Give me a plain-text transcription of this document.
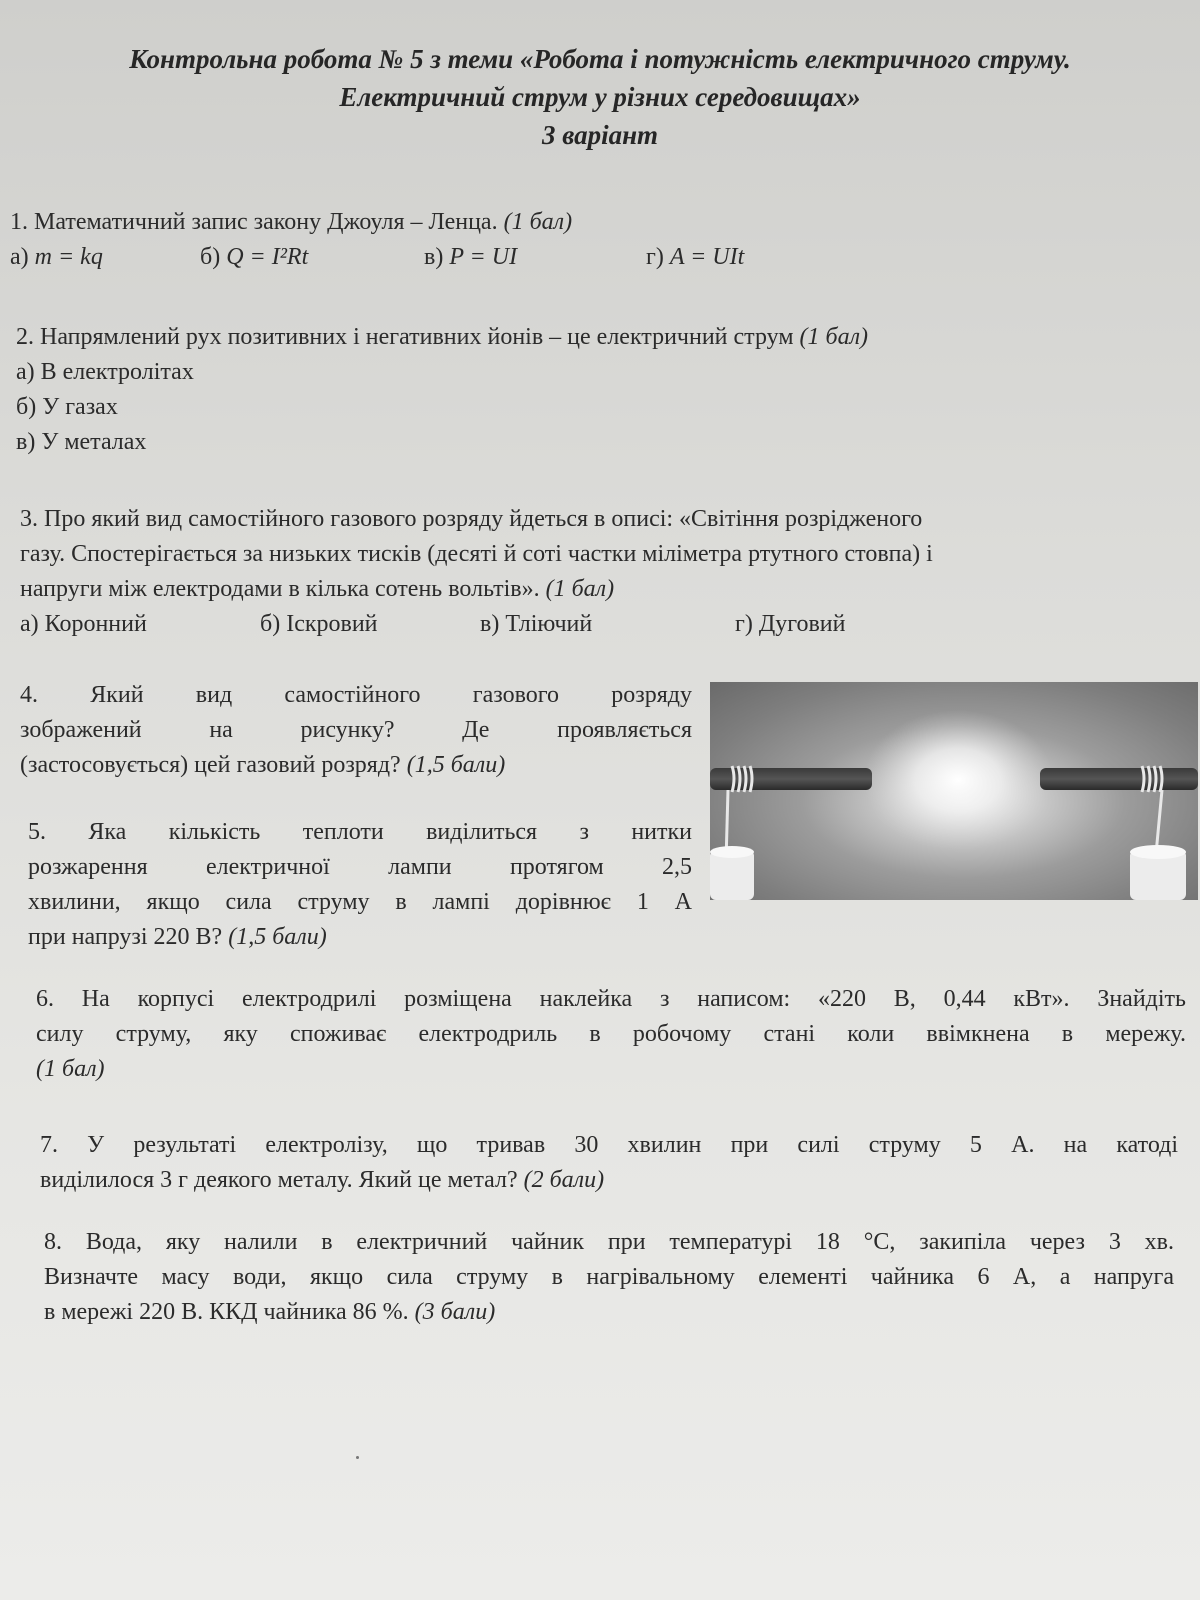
Контрольна робота № 5 з теми «Робота і потужність електричного струму.
Електричний струм у різних середовищах»
3 варіант
1. Математичний запис закону Джоуля – Ленца. (1 бал)
а) m = kq	б) Q = I²Rt	в) P = UI	г) A = UIt
2. Напрямлений рух позитивних і негативних йонів – це електричний струм (1 бал)
а) В електролітах
б) У газах
в) У металах
3. Про який вид самостійного газового розряду йдеться в описі: «Світіння розрідженого
газу. Спостерігається за низьких тисків (десяті й соті частки міліметра ртутного стовпа) і
напруги між електродами в кілька сотень вольтів». (1 бал)
а) Коронний	б) Іскровий	в) Тліючий	г) Дуговий
4. Який вид самостійного газового розряду
зображений на рисунку? Де проявляється
(застосовується) цей газовий розряд? (1,5 бали)
5. Яка кількість теплоти виділиться з нитки
розжарення електричної лампи протягом 2,5
хвилини, якщо сила струму в лампі дорівнює 1 А
при напрузі 220 В? (1,5 бали)
6. На корпусі електродрилі розміщена наклейка з написом: «220 В, 0,44 кВт». Знайдіть
силу струму, яку споживає електродриль в робочому стані коли ввімкнена в мережу.
(1 бал)
7. У результаті електролізу, що тривав 30 хвилин при силі струму 5 А. на катоді
виділилося 3 г деякого металу. Який це метал? (2 бали)
8. Вода, яку налили в електричний чайник при температурі 18 °С, закипіла через 3 хв.
Визначте масу води, якщо сила струму в нагрівальному елементі чайника 6 А, а напруга
в мережі 220 В. ККД чайника 86 %. (3 бали)
